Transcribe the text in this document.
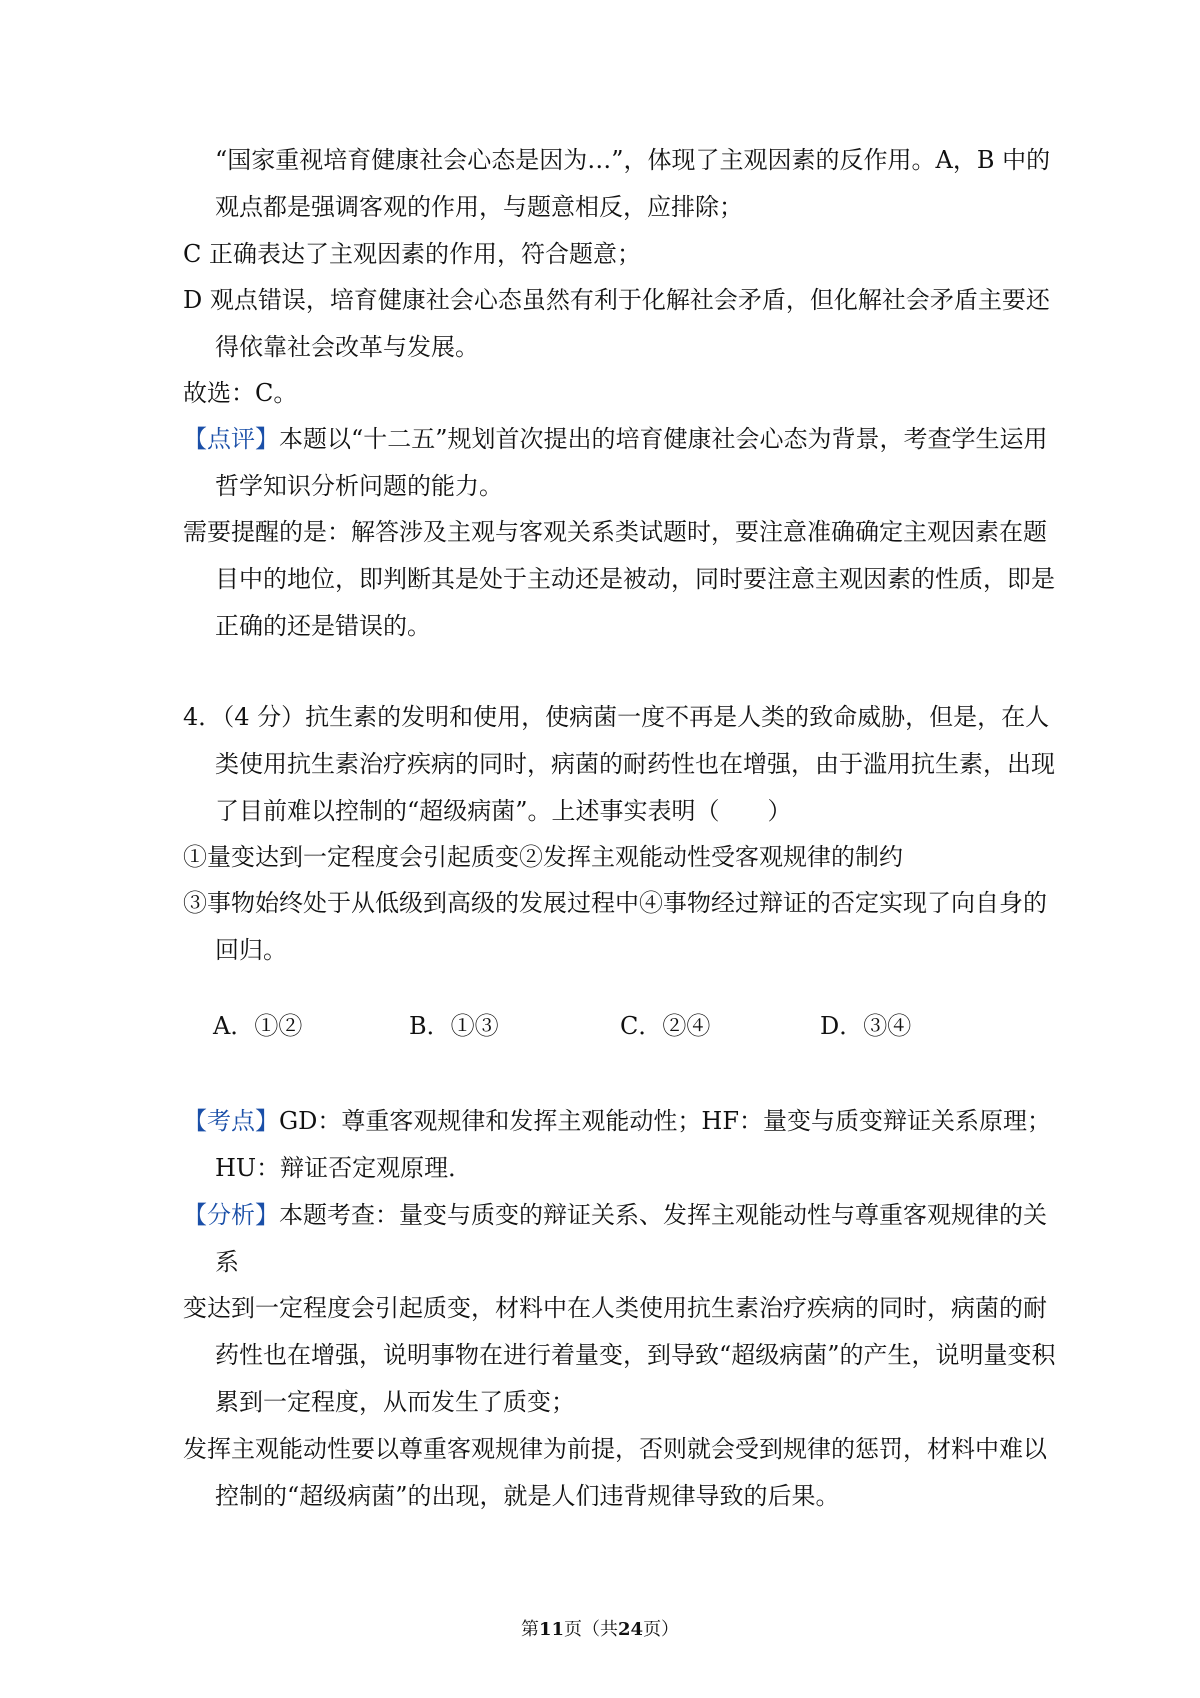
“国家重视培育健康社会心态是因为…”，体现了主观因素的反作用。A，B 中的观点都是强调客观的作用，与题意相反，应排除；

C 正确表达了主观因素的作用，符合题意；

D 观点错误，培育健康社会心态虽然有利于化解社会矛盾，但化解社会矛盾主要还得依靠社会改革与发展。

故选：C。

【点评】本题以“十二五”规划首次提出的培育健康社会心态为背景，考查学生运用哲学知识分析问题的能力。

需要提醒的是：解答涉及主观与客观关系类试题时，要注意准确确定主观因素在题目中的地位，即判断其是处于主动还是被动，同时要注意主观因素的性质，即是正确的还是错误的。

4．（4 分）抗生素的发明和使用，使病菌一度不再是人类的致命威胁，但是，在人类使用抗生素治疗疾病的同时，病菌的耐药性也在增强，由于滥用抗生素，出现了目前难以控制的“超级病菌”。上述事实表明（　　）

①量变达到一定程度会引起质变②发挥主观能动性受客观规律的制约

③事物始终处于从低级到高级的发展过程中④事物经过辩证的否定实现了向自身的回归。

A．①②	B．①③	C．②④	D．③④

【考点】GD：尊重客观规律和发挥主观能动性；HF：量变与质变辩证关系原理；HU：辩证否定观原理．

【分析】本题考查：量变与质变的辩证关系、发挥主观能动性与尊重客观规律的关系

变达到一定程度会引起质变，材料中在人类使用抗生素治疗疾病的同时，病菌的耐药性也在增强，说明事物在进行着量变，到导致“超级病菌”的产生，说明量变积累到一定程度，从而发生了质变；

发挥主观能动性要以尊重客观规律为前提，否则就会受到规律的惩罚，材料中难以控制的“超级病菌”的出现，就是人们违背规律导致的后果。

第11页（共24页）
